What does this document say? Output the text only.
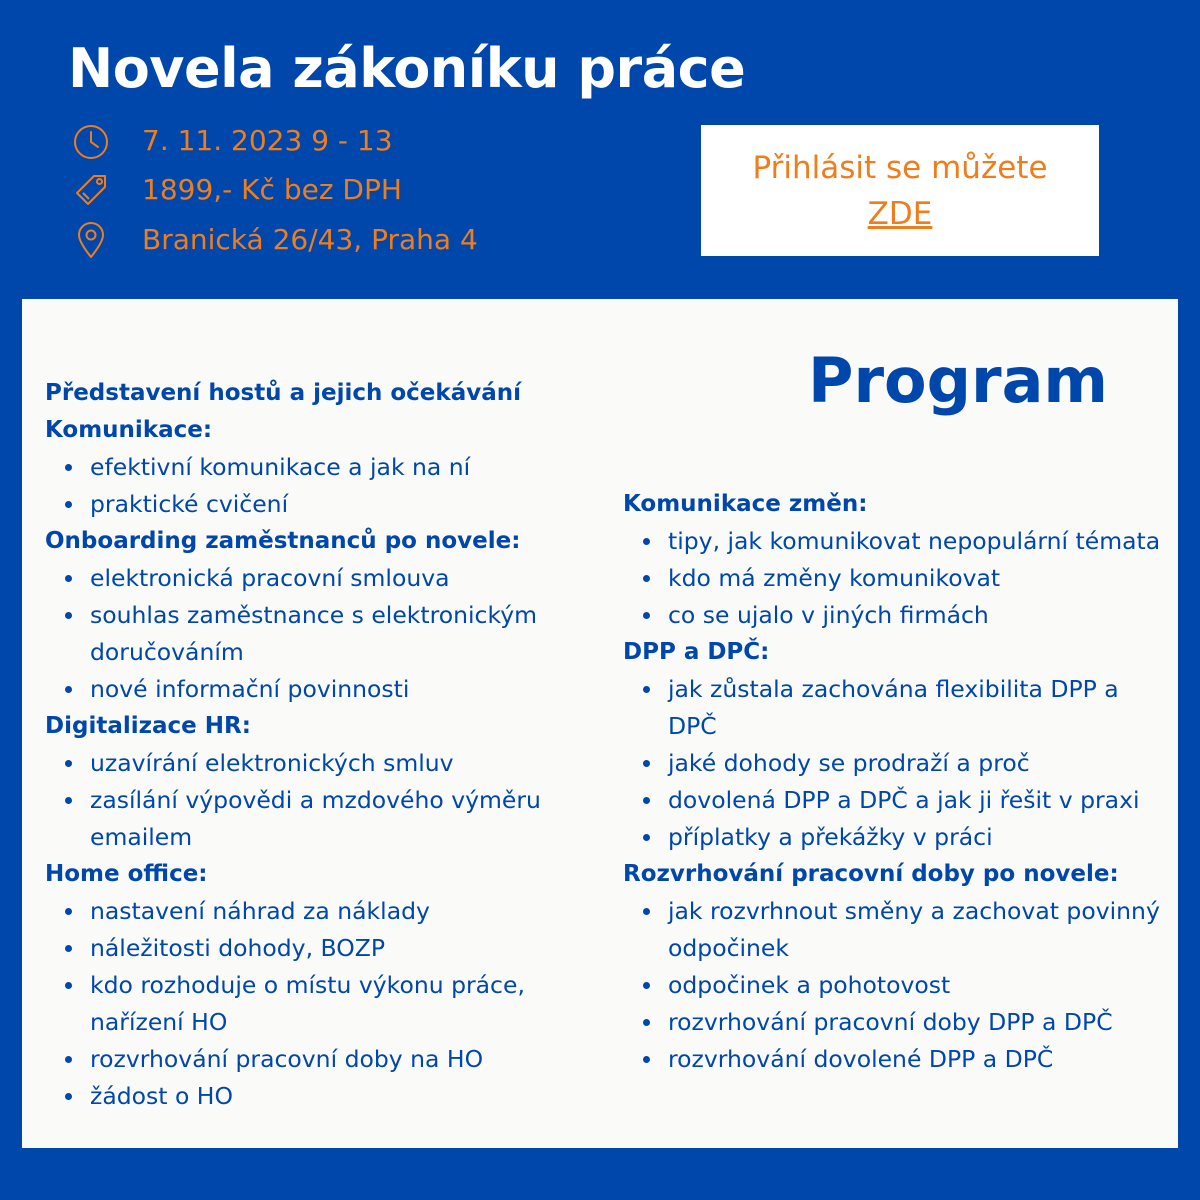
Novela zákoníku práce
7. 11. 2023 9 - 13
1899,- Kč bez DPH
Branická 26/43, Praha 4
Přihlásit se můžete
ZDE
Program

Představení hostů a jejich očekávání

Komunikace:

efektivní komunikace a jak na ní
praktické cvičení

Onboarding zaměstnanců po novele:

elektronická pracovní smlouva
souhlas zaměstnance s elektronickým doručováním
nové informační povinnosti

Digitalizace HR:

uzavírání elektronických smluv
zasílání výpovědi a mzdového výměru emailem

Home office:

nastavení náhrad za náklady
náležitosti dohody, BOZP
kdo rozhoduje o místu výkonu práce, nařízení HO
rozvrhování pracovní doby na HO
žádost o HO

Komunikace změn:

tipy, jak komunikovat nepopulární témata
kdo má změny komunikovat
co se ujalo v jiných firmách

DPP a DPČ:

jak zůstala zachována flexibilita DPP a DPČ
jaké dohody se prodraží a proč
dovolená DPP a DPČ a jak ji řešit v praxi
příplatky a překážky v práci

Rozvrhování pracovní doby po novele:

jak rozvrhnout směny a zachovat povinný odpočinek
odpočinek a pohotovost
rozvrhování pracovní doby DPP a DPČ
rozvrhování dovolené DPP a DPČ
